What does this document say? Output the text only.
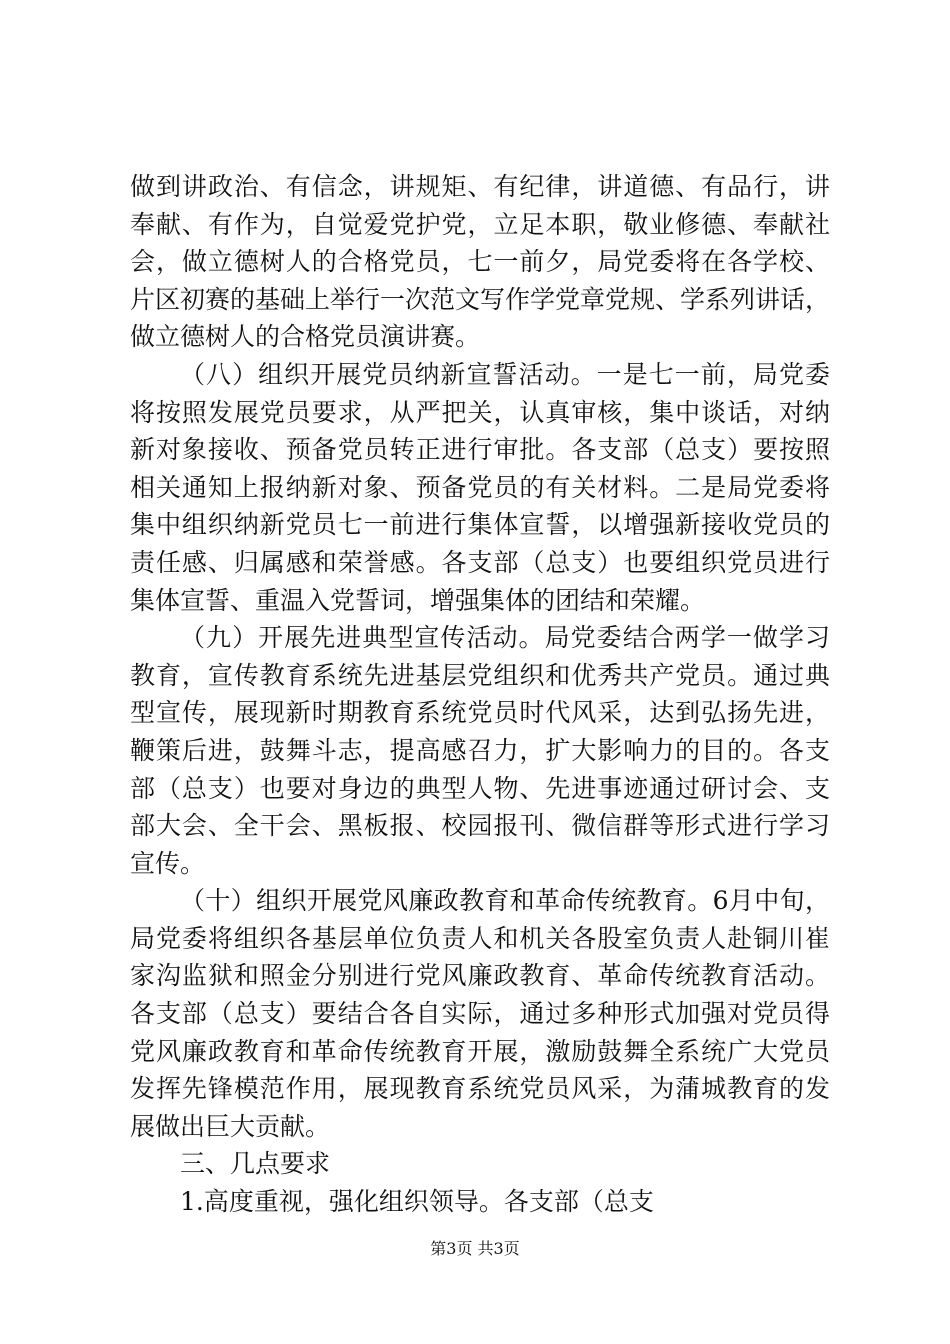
做到讲政治、有信念，讲规矩、有纪律，讲道德、有品行，讲
奉献、有作为，自觉爱党护党，立足本职，敬业修德、奉献社
会，做立德树人的合格党员，七一前夕，局党委将在各学校、
片区初赛的基础上举行一次范文写作学党章党规、学系列讲话，
做立德树人的合格党员演讲赛。
（八）组织开展党员纳新宣誓活动。一是七一前，局党委
将按照发展党员要求，从严把关，认真审核，集中谈话，对纳
新对象接收、预备党员转正进行审批。各支部（总支）要按照
相关通知上报纳新对象、预备党员的有关材料。二是局党委将
集中组织纳新党员七一前进行集体宣誓，以增强新接收党员的
责任感、归属感和荣誉感。各支部（总支）也要组织党员进行
集体宣誓、重温入党誓词，增强集体的团结和荣耀。
（九）开展先进典型宣传活动。局党委结合两学一做学习
教育，宣传教育系统先进基层党组织和优秀共产党员。通过典
型宣传，展现新时期教育系统党员时代风采，达到弘扬先进，
鞭策后进，鼓舞斗志，提高感召力，扩大影响力的目的。各支
部（总支）也要对身边的典型人物、先进事迹通过研讨会、支
部大会、全干会、黑板报、校园报刊、微信群等形式进行学习
宣传。
（十）组织开展党风廉政教育和革命传统教育。6月中旬，
局党委将组织各基层单位负责人和机关各股室负责人赴铜川崔
家沟监狱和照金分别进行党风廉政教育、革命传统教育活动。
各支部（总支）要结合各自实际，通过多种形式加强对党员得
党风廉政教育和革命传统教育开展，激励鼓舞全系统广大党员
发挥先锋模范作用，展现教育系统党员风采，为蒲城教育的发
展做出巨大贡献。
三、几点要求
1.高度重视，强化组织领导。各支部（总支
第3页 共3页
